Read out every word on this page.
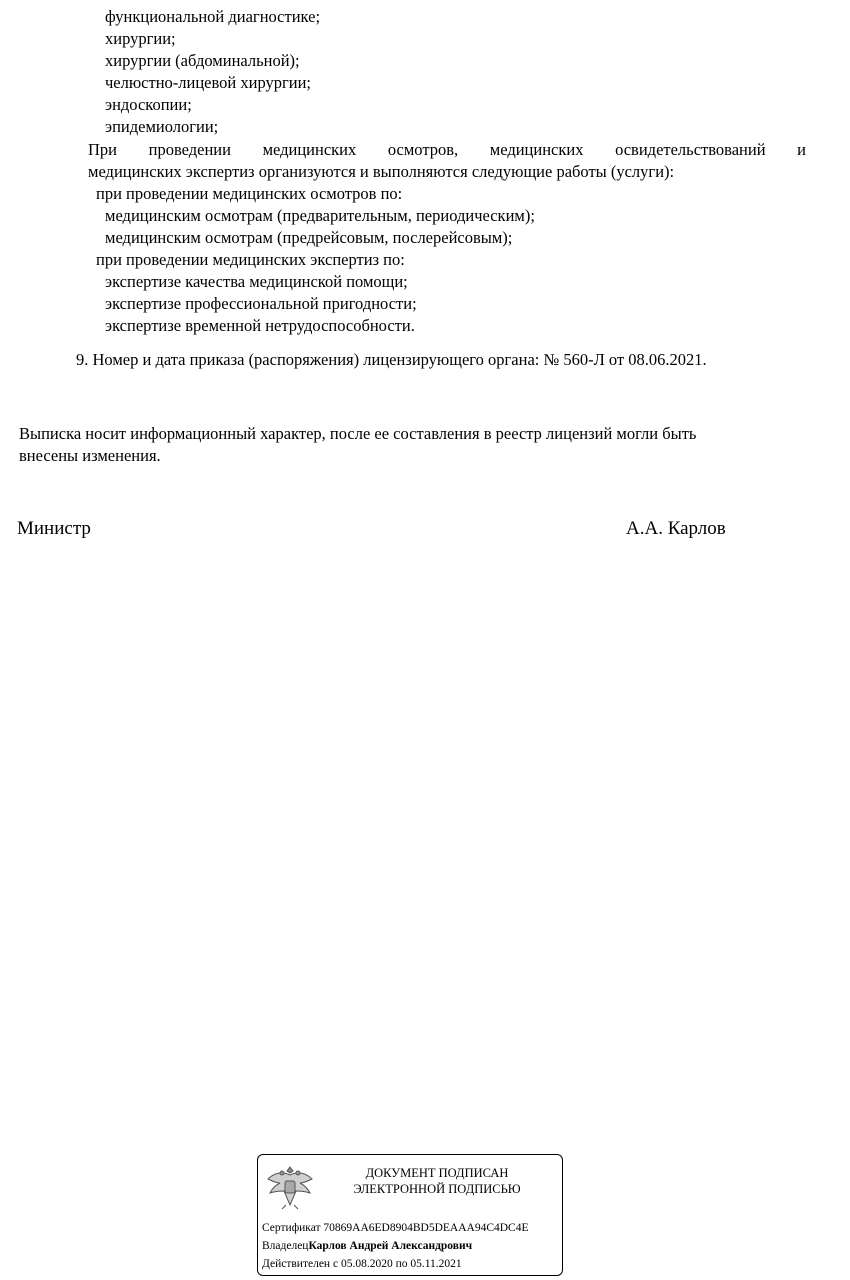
функциональной диагностике;
хирургии;
хирургии (абдоминальной);
челюстно-лицевой хирургии;
эндоскопии;
эпидемиологии;
При проведении медицинских осмотров, медицинских освидетельствований и
медицинских экспертиз организуются и выполняются следующие работы (услуги):
при проведении медицинских осмотров по:
медицинским осмотрам (предварительным, периодическим);
медицинским осмотрам (предрейсовым, послерейсовым);
при проведении медицинских экспертиз по:
экспертизе качества медицинской помощи;
экспертизе профессиональной пригодности;
экспертизе временной нетрудоспособности.
9. Номер и дата приказа (распоряжения) лицензирующего органа: № 560-Л от 08.06.2021.
Выписка носит информационный характер, после ее составления в реестр лицензий могли быть
внесены изменения.
Министр	А.А. Карлов
ДОКУМЕНТ ПОДПИСАН
ЭЛЕКТРОННОЙ ПОДПИСЬЮ
Сертификат 70869AA6ED8904BD5DEAAA94C4DC4E
ВладелецКарлов Андрей Александрович
Действителен с 05.08.2020 по 05.11.2021
